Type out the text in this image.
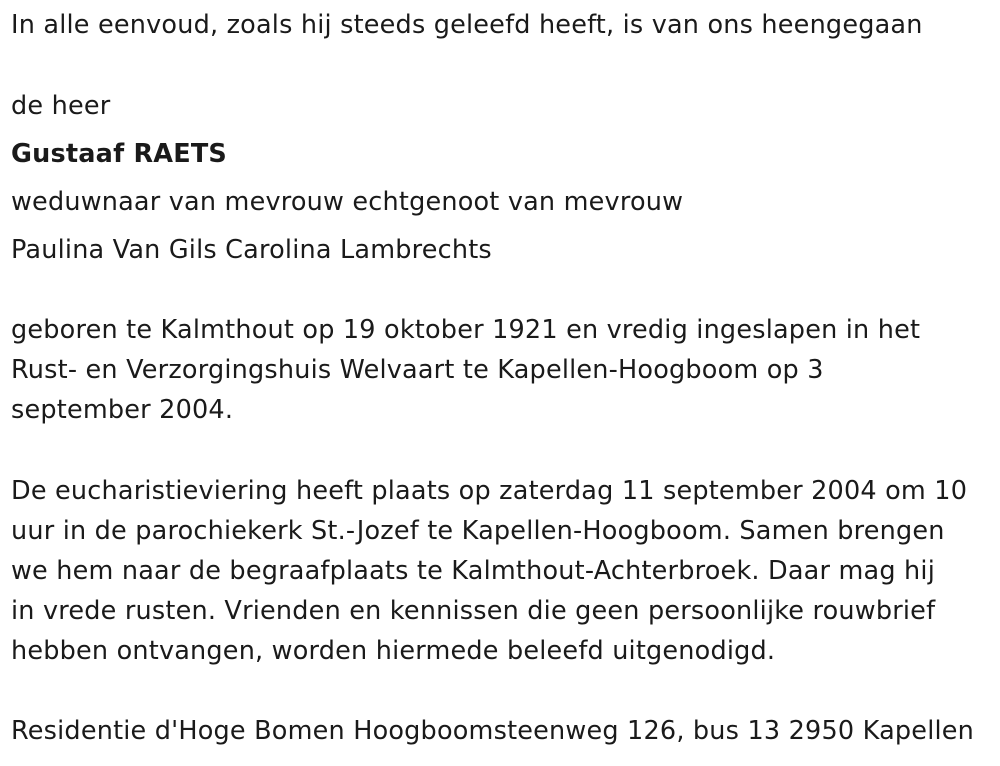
In alle eenvoud, zoals hij steeds geleefd heeft, is van ons heengegaan
de heer
Gustaaf RAETS
weduwnaar van mevrouw echtgenoot van mevrouw
Paulina Van Gils Carolina Lambrechts
geboren te Kalmthout op 19 oktober 1921 en vredig ingeslapen in het
Rust- en Verzorgingshuis Welvaart te Kapellen-Hoogboom op 3
september 2004.
De eucharistieviering heeft plaats op zaterdag 11 september 2004 om 10
uur in de parochiekerk St.-Jozef te Kapellen-Hoogboom. Samen brengen
we hem naar de begraafplaats te Kalmthout-Achterbroek. Daar mag hij
in vrede rusten. Vrienden en kennissen die geen persoonlijke rouwbrief
hebben ontvangen, worden hiermede beleefd uitgenodigd.
Residentie d'Hoge Bomen Hoogboomsteenweg 126, bus 13 2950 Kapellen
